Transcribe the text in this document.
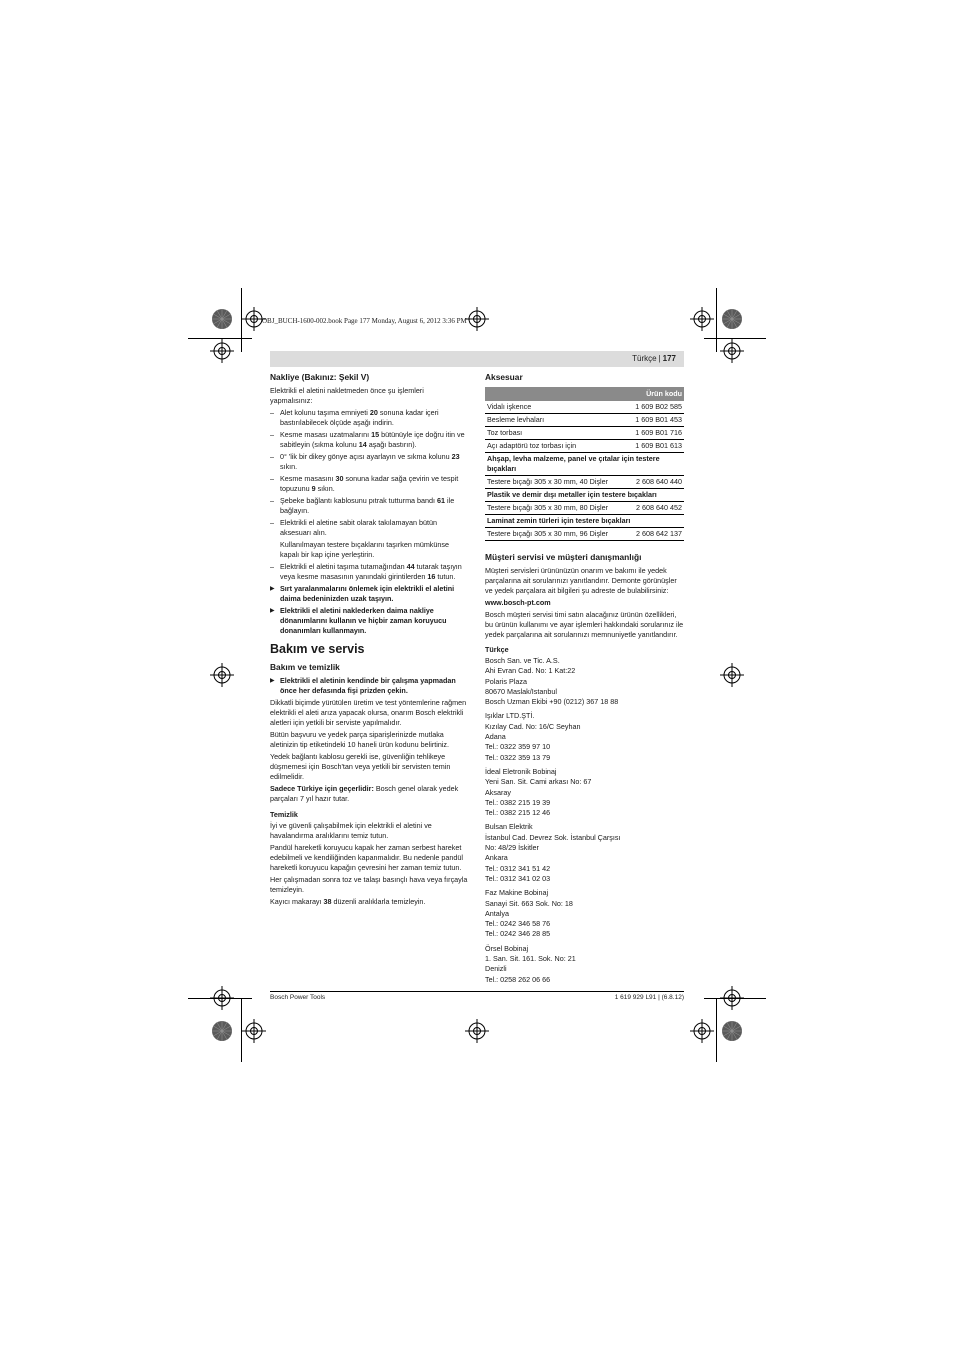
OBJ_BUCH-1600-002.book Page 177 Monday, August 6, 2012 3:36 PM
Türkçe | 177
Nakliye (Bakınız: Şekil V)

Elektrikli el aletini nakletmeden önce şu işlemleri yapmalısınız:

– Alet kolunu taşıma emniyeti 20 sonuna kadar içeri bastırılabilecek ölçüde aşağı indirin.
– Kesme masası uzatmalarını 15 bütünüyle içe doğru itin ve sabitleyin (sıkma kolunu 14 aşağı bastırın).
– 0° 'lik bir dikey gönye açısı ayarlayın ve sıkma kolunu 23 sıkın.
– Kesme masasını 30 sonuna kadar sağa çevirin ve tespit topuzunu 9 sıkın.
– Şebeke bağlantı kablosunu pıtrak tutturma bandı 61 ile bağlayın.
– Elektrikli el aletine sabit olarak takılamayan bütün aksesuarı alın.

Kullanılmayan testere bıçaklarını taşırken mümkünse kapalı bir kap içine yerleştirin.

– Elektrikli el aletini taşıma tutamağından 44 tutarak taşıyın veya kesme masasının yanındaki girintilerden 16 tutun.
▶ Sırt yaralanmalarını önlemek için elektrikli el aletini daima bedeninizden uzak taşıyın.
▶ Elektrikli el aletini naklederken daima nakliye dönanımlarını kullanın ve hiçbir zaman koruyucu donanımları kullanmayın.
Bakım ve servis
Bakım ve temizlik
▶ Elektrikli el aletinin kendinde bir çalışma yapmadan önce her defasında fişi prizden çekin.

Dikkatli biçimde yürütülen üretim ve test yöntemlerine rağmen elektrikli el aleti arıza yapacak olursa, onarım Bosch elektrikli aletleri için yetkili bir serviste yapılmalıdır.

Bütün başvuru ve yedek parça siparişlerinizde mutlaka aletinizin tip etiketindeki 10 haneli ürün kodunu belirtiniz.

Yedek bağlantı kablosu gerekli ise, güvenliğin tehlikeye düşmemesi için Bosch'tan veya yetkili bir servisten temin edilmelidir.

Sadece Türkiye için geçerlidir: Bosch genel olarak yedek parçaları 7 yıl hazır tutar.

Temizlik

İyi ve güvenli çalışabilmek için elektrikli el aletini ve havalandırma aralıklarını temiz tutun.

Pandül hareketli koruyucu kapak her zaman serbest hareket edebilmeli ve kendiliğinden kapanmalıdır. Bu nedenle pandül hareketli koruyucu kapağın çevresini her zaman temiz tutun.

Her çalışmadan sonra toz ve talaşı basınçlı hava veya fırçayla temizleyin.

Kayıcı makarayı 38 düzenli aralıklarla temizleyin.

Aksesuar
Ürün kodu	
Vidalı işkence	1 609 B02 585
Besleme levhaları	1 609 B01 453
Toz torbası	1 609 B01 716
Açı adaptörü toz torbası için	1 609 B01 613
Ahşap, levha malzeme, panel ve çıtalar için testere bıçakları	
Testere bıçağı 305 x 30 mm, 40 Dişler	2 608 640 440
Plastik ve demir dışı metaller için testere bıçakları	
Testere bıçağı 305 x 30 mm, 80 Dişler	2 608 640 452
Laminat zemin türleri için testere bıçakları	
Testere bıçağı 305 x 30 mm, 96 Dişler	2 608 642 137
Müşteri servisi ve müşteri danışmanlığı

Müşteri servisleri ürününüzün onarım ve bakımı ile yedek parçalarına ait sorularınızı yanıtlandırır. Demonte görünüşler ve yedek parçalara ait bilgileri şu adreste de bulabilirsiniz:

www.bosch-pt.com

Bosch müşteri servisi timi satın alacağınız ürünün özellikleri, bu ürünün kullanımı ve ayar işlemleri hakkındaki sorularınız ile yedek parçalarına ait sorularınızı memnuniyetle yanıtlandırır.

Türkçe

Bosch San. ve Tic. A.S.

Ahi Evran Cad. No: 1 Kat:22

Polaris Plaza

80670 Maslak/Istanbul

Bosch Uzman Ekibi +90 (0212) 367 18 88

Işıklar LTD.ŞTİ.

Kızılay Cad. No: 16/C Seyhan

Adana

Tel.: 0322 359 97 10

Tel.: 0322 359 13 79

İdeal Eletronik Bobinaj

Yeni San. Sit. Cami arkası No: 67

Aksaray

Tel.: 0382 215 19 39

Tel.: 0382 215 12 46

Bulsan Elektrik

İstanbul Cad. Devrez Sok. İstanbul Çarşısı

No: 48/29 İskitler

Ankara

Tel.: 0312 341 51 42

Tel.: 0312 341 02 03

Faz Makine Bobinaj

Sanayi Sit. 663 Sok. No: 18

Antalya

Tel.: 0242 346 58 76

Tel.: 0242 346 28 85

Örsel Bobinaj

1. San. Sit. 161. Sok. No: 21

Denizli

Tel.: 0258 262 06 66

Bosch Power Tools	1 619 929 L91 | (6.8.12)
